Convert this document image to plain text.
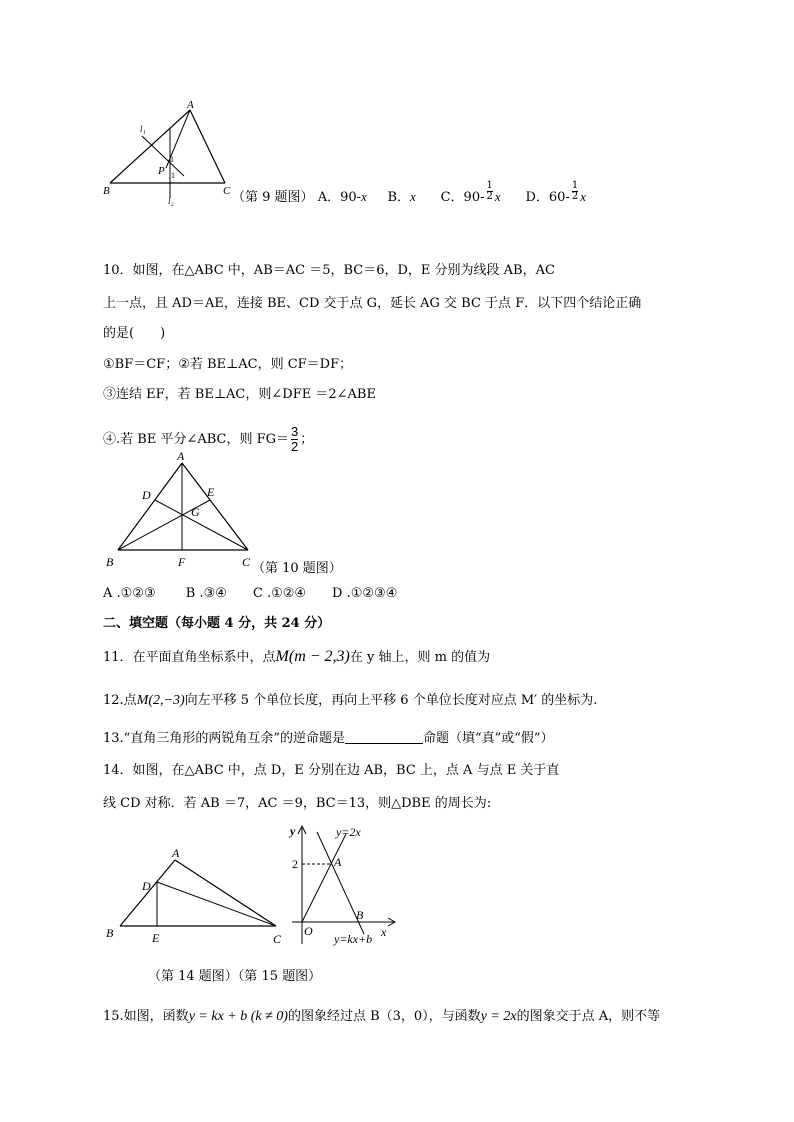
A
B	C
P
l₁
l₂
1
1
（第 9 题图） A．90-x B．x C．$90- \frac{1}{2}$ x D．$60- \frac{1}{2}$ x
10．如图，在△ABC 中，AB＝AC ＝5，BC＝6，D，E 分别为线段 AB，AC
上一点，且 AD＝AE，连接 BE、CD 交于点 G，延长 AG 交 BC 于点 F．以下四个结论正确
的是(　　)
①BF＝CF；②若 BE⊥AC，则 CF＝DF；
③连结 EF，若 BE⊥AC，则∠DFE ＝2∠ABE
④.若 BE 平分∠ABC，则 $FG= \frac{3}{2}$ ；
A
B	C
D	E
F
G
（第 10 题图）
A .①②③　　 B .③④　　C .①②④　　D .①②③④
二、填空题（每小题 4 分，共 24 分）
11．在平面直角坐标系中，点M(m − 2,3)在 y 轴上，则 m 的值为
12.点M(2,−3)向左平移 5 个单位长度，再向上平移 6 个单位长度对应点 M′ 的坐标为.
13.“直角三角形的两锐角互余”的逆命题是	命题（填“真”或“假”）
14．如图，在△ABC 中，点 D，E 分别在边 AB，BC 上，点 A 与点 E 关于直
线 CD 对称．若 AB ＝7，AC ＝9，BC＝13，则△DBE 的周长为:
A
B	C
D
E
y
x
O
A
B
2
y=2x
y=kx+b
（第 14 题图）（第 15 题图）
15.如图，函数y = kx + b (k ≠ 0)的图象经过点 B（3，0），与函数y = 2x的图象交于点 A，则不等
